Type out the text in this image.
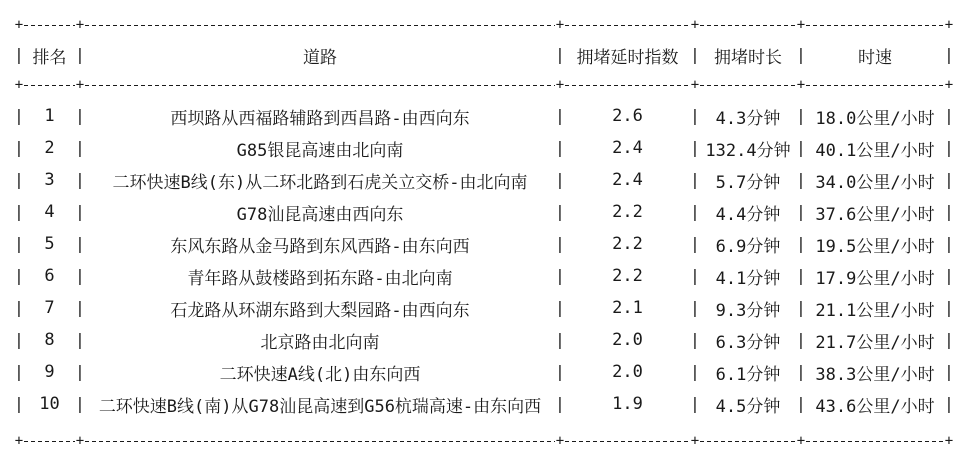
+	+	+	+	+	+
| 排名 |	道路	| 拥堵延时指数 | 拥堵时长 |	时速	|
+	+	+	+	+	+
|	1	|	西坝路从西福路辅路到西昌路-由西向东	|	2.6	| 4.3分钟 | 18.0公里/小时 |
|	2	|	G85银昆高速由北向南	|	2.4	| 132.4分钟 | 40.1公里/小时 |
|	3	|	二环快速B线(东)从二环北路到石虎关立交桥-由北向南	|	2.4	| 5.7分钟 | 34.0公里/小时 |
|	4	|	G78汕昆高速由西向东	|	2.2	| 4.4分钟 | 37.6公里/小时 |
|	5	|	东风东路从金马路到东风西路-由东向西	|	2.2	| 6.9分钟 | 19.5公里/小时 |
|	6	|	青年路从鼓楼路到拓东路-由北向南	|	2.2	| 4.1分钟 | 17.9公里/小时 |
|	7	|	石龙路从环湖东路到大梨园路-由西向东	|	2.1	| 9.3分钟 | 21.1公里/小时 |
|	8	|	北京路由北向南	|	2.0	| 6.3分钟 | 21.7公里/小时 |
|	9	|	二环快速A线(北)由东向西	|	2.0	| 6.1分钟 | 38.3公里/小时 |
| 10 | 二环快速B线(南)从G78汕昆高速到G56杭瑞高速-由东向西 |	1.9	| 4.5分钟 | 43.6公里/小时 |
+	+	+	+	+	+
